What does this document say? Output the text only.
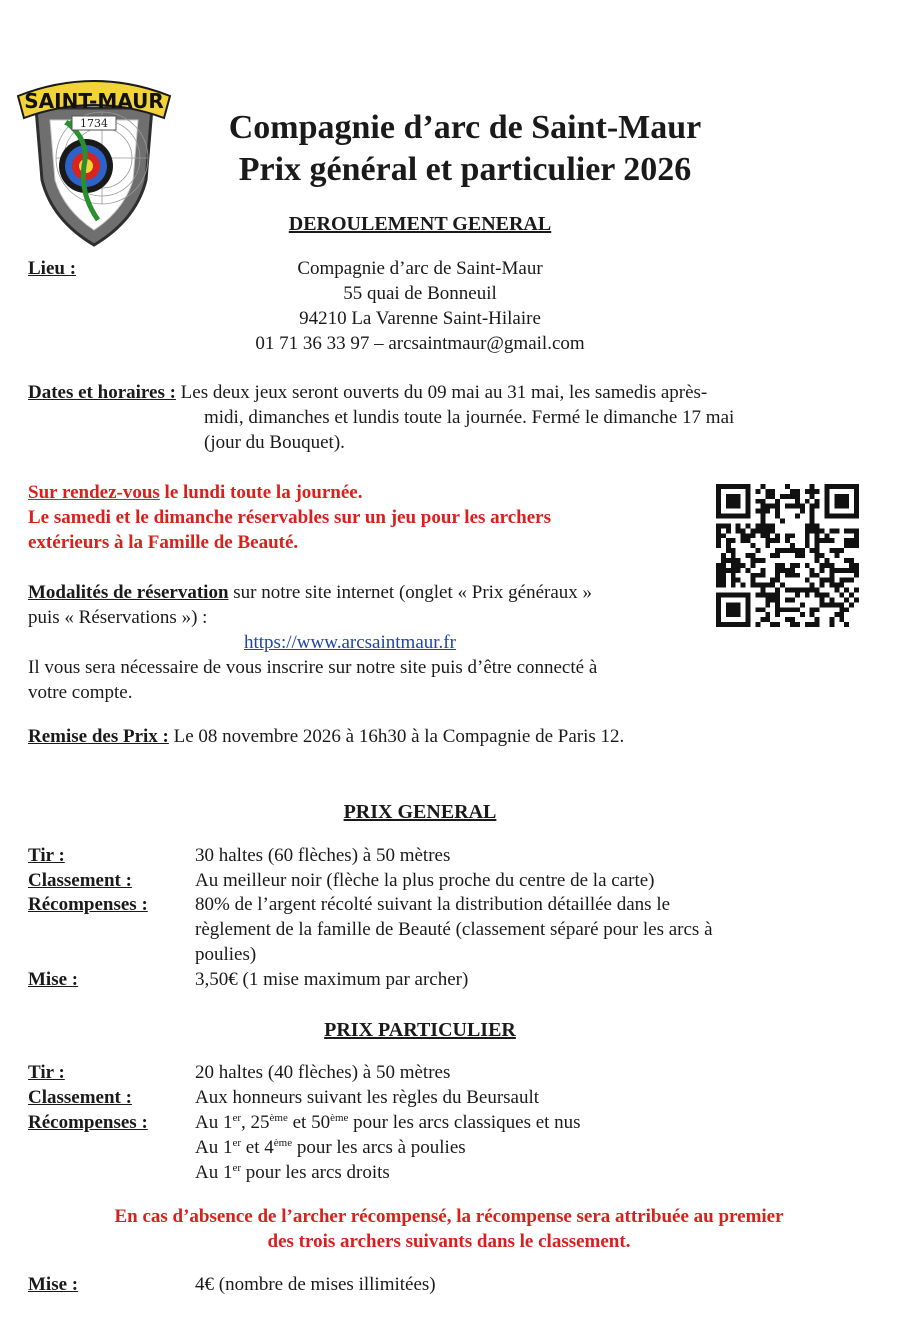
SAINT-MAUR
1734	Compagnie d’arc de Saint-Maur
Prix général et particulier 2026
DEROULEMENT GENERAL
Lieu :	Compagnie d’arc de Saint-Maur
55 quai de Bonneuil
94210 La Varenne Saint-Hilaire
01 71 36 33 97 – arcsaintmaur@gmail.com
Dates et horaires : Les deux jeux seront ouverts du 09 mai au 31 mai, les samedis après-
midi, dimanches et lundis toute la journée. Fermé le dimanche 17 mai
(jour du Bouquet).
Sur rendez-vous le lundi toute la journée.
Le samedi et le dimanche réservables sur un jeu pour les archers
extérieurs à la Famille de Beauté.
Modalités de réservation sur notre site internet (onglet « Prix généraux »
puis « Réservations ») :
https://www.arcsaintmaur.fr
Il vous sera nécessaire de vous inscrire sur notre site puis d’être connecté à
votre compte.
Remise des Prix : Le 08 novembre 2026 à 16h30 à la Compagnie de Paris 12.
PRIX GENERAL
Tir :	30 haltes (60 flèches) à 50 mètres
Classement :	Au meilleur noir (flèche la plus proche du centre de la carte)
Récompenses : 80% de l’argent récolté suivant la distribution détaillée dans le
règlement de la famille de Beauté (classement séparé pour les arcs à
poulies)
Mise :	3,50€ (1 mise maximum par archer)
PRIX PARTICULIER
Tir :	20 haltes (40 flèches) à 50 mètres
Classement :	Aux honneurs suivant les règles du Beursault
Récompenses : Au 1er, 25ème et 50ème pour les arcs classiques et nus
Au 1er et 4ème pour les arcs à poulies
Au 1er pour les arcs droits
En cas d’absence de l’archer récompensé, la récompense sera attribuée au premier
des trois archers suivants dans le classement.
Mise :	4€ (nombre de mises illimitées)
